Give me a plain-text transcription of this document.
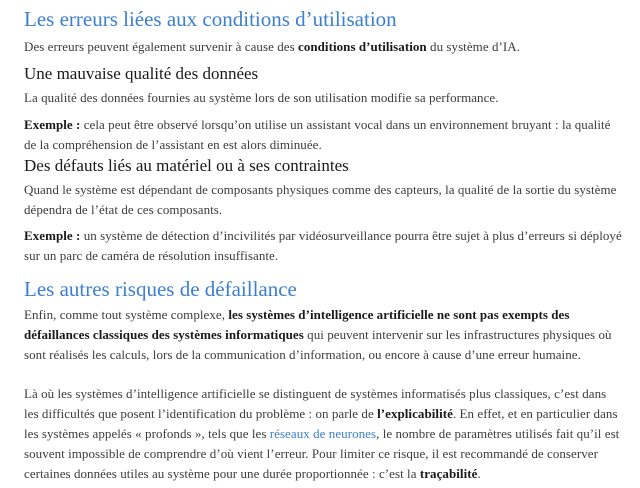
Les erreurs liées aux conditions d’utilisation

Des erreurs peuvent également survenir à cause des conditions d’utilisation du système d’IA.

Une mauvaise qualité des données

La qualité des données fournies au système lors de son utilisation modifie sa performance.

Exemple : cela peut être observé lorsqu’on utilise un assistant vocal dans un environnement bruyant : la qualité de la compréhension de l’assistant en est alors diminuée.

Des défauts liés au matériel ou à ses contraintes

Quand le système est dépendant de composants physiques comme des capteurs, la qualité de la sortie du système dépendra de l’état de ces composants.

Exemple : un système de détection d’incivilités par vidéosurveillance pourra être sujet à plus d’erreurs si déployé sur un parc de caméra de résolution insuffisante.

Les autres risques de défaillance

Enfin, comme tout système complexe, les systèmes d’intelligence artificielle ne sont pas exempts des défaillances classiques des systèmes informatiques qui peuvent intervenir sur les infrastructures physiques où sont réalisés les calculs, lors de la communication d’information, ou encore à cause d’une erreur humaine.

Là où les systèmes d’intelligence artificielle se distinguent de systèmes informatisés plus classiques, c’est dans les difficultés que posent l’identification du problème : on parle de l’explicabilité. En effet, et en particulier dans les systèmes appelés « profonds », tels que les réseaux de neurones, le nombre de paramètres utilisés fait qu’il est souvent impossible de comprendre d’où vient l’erreur. Pour limiter ce risque, il est recommandé de conserver certaines données utiles au système pour une durée proportionnée : c’est la traçabilité.
